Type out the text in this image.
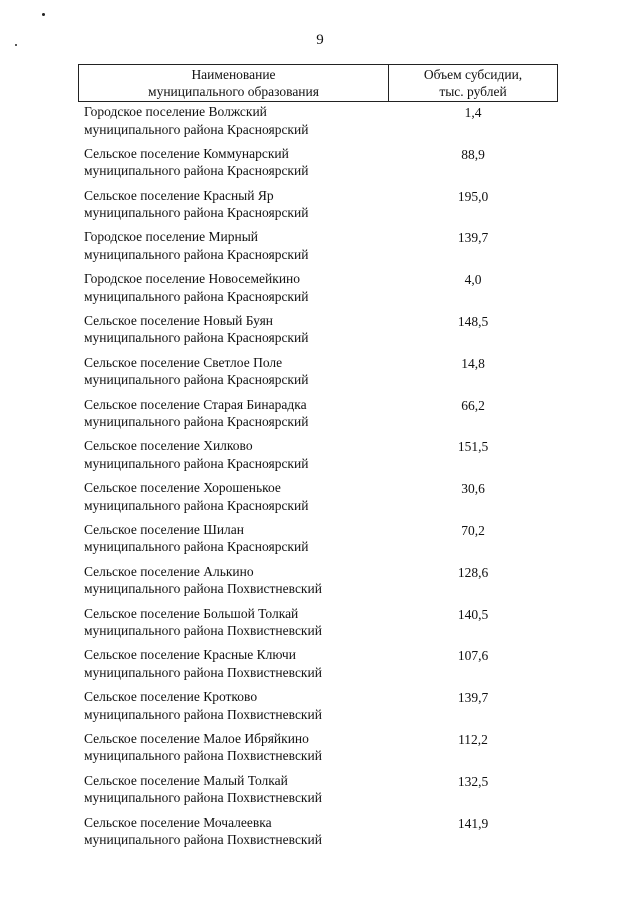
9
Наименование
муниципального образования
Объем субсидии,
тыс. рублей
Городское поселение Волжский
муниципального района Красноярский
1,4
Сельское поселение Коммунарский
муниципального района Красноярский
88,9
Сельское поселение Красный Яр
муниципального района Красноярский
195,0
Городское поселение Мирный
муниципального района Красноярский
139,7
Городское поселение Новосемейкино
муниципального района Красноярский
4,0
Сельское поселение Новый Буян
муниципального района Красноярский
148,5
Сельское поселение Светлое Поле
муниципального района Красноярский
14,8
Сельское поселение Старая Бинарадка
муниципального района Красноярский
66,2
Сельское поселение Хилково
муниципального района Красноярский
151,5
Сельское поселение Хорошенькое
муниципального района Красноярский
30,6
Сельское поселение Шилан
муниципального района Красноярский
70,2
Сельское поселение Алькино
муниципального района Похвистневский
128,6
Сельское поселение Большой Толкай
муниципального района Похвистневский
140,5
Сельское поселение Красные Ключи
муниципального района Похвистневский
107,6
Сельское поселение Кротково
муниципального района Похвистневский
139,7
Сельское поселение Малое Ибряйкино
муниципального района Похвистневский
112,2
Сельское поселение Малый Толкай
муниципального района Похвистневский
132,5
Сельское поселение Мочалеевка
муниципального района Похвистневский
141,9
